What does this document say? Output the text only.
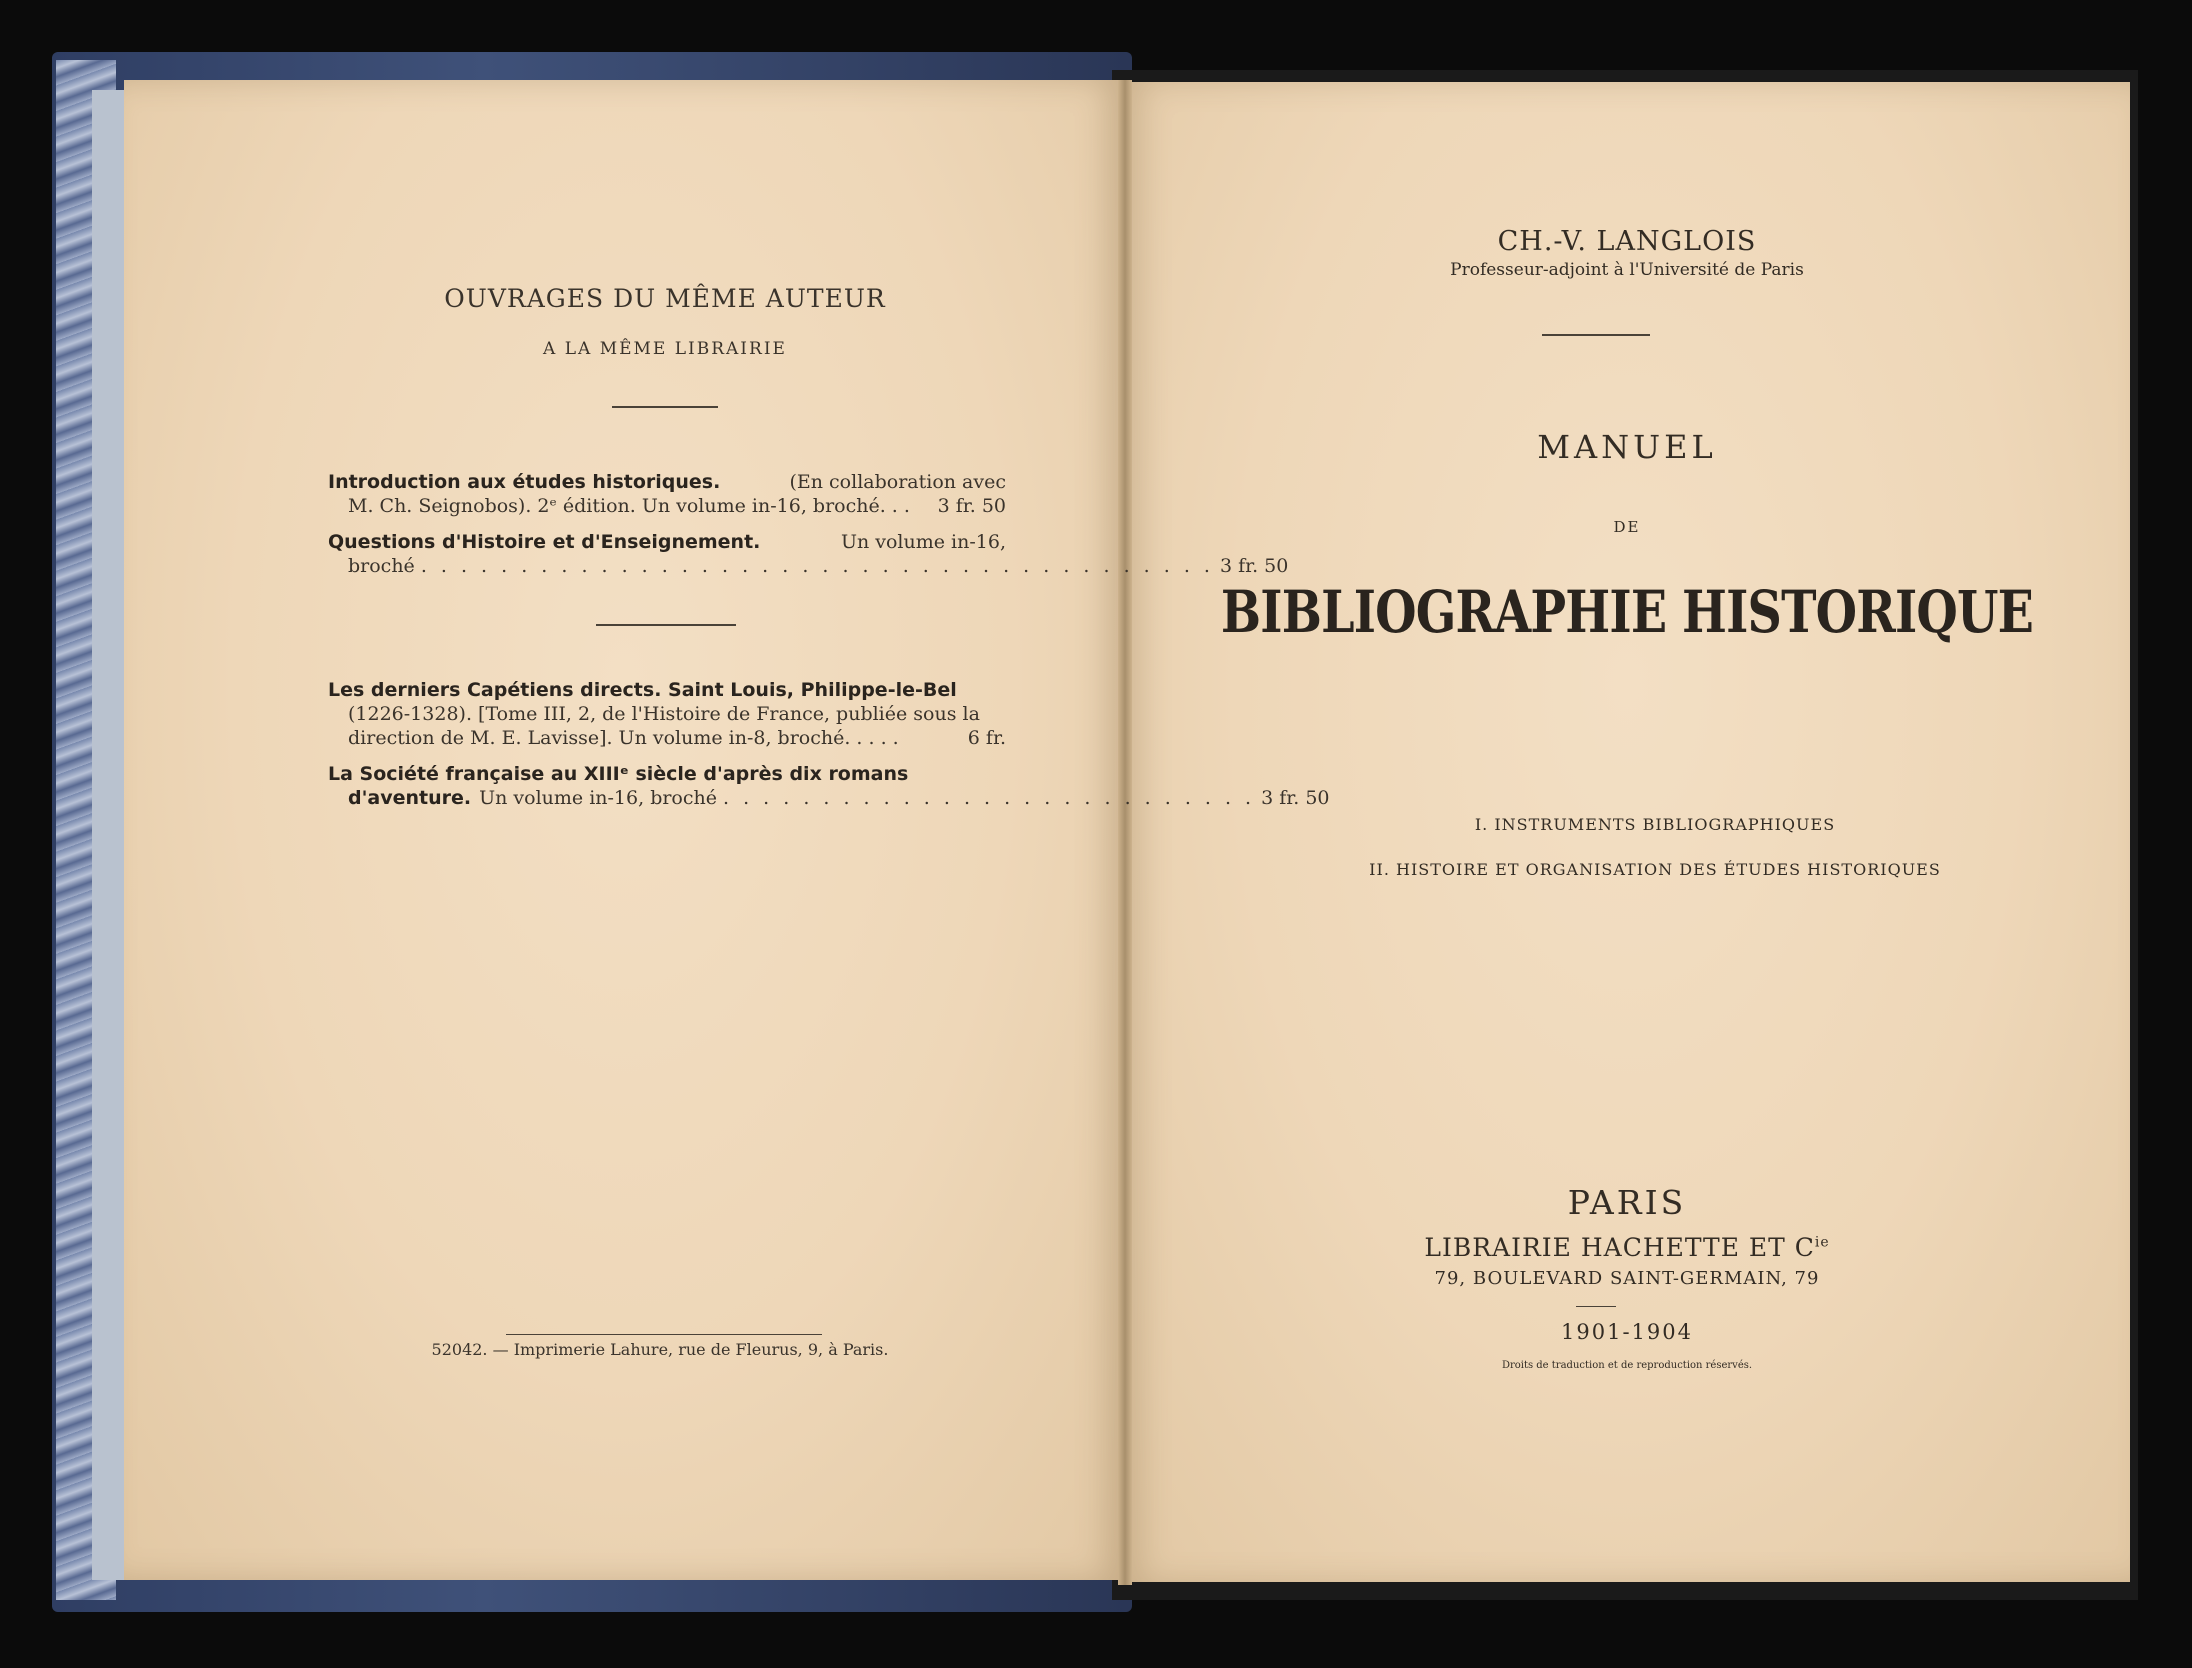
OUVRAGES DU MÊME AUTEUR
A LA MÊME LIBRAIRIE
Introduction aux études historiques.	(En collaboration avec
M. Ch. Seignobos). 2ᵉ édition. Un volume in-16, broché. . . 3 fr. 50
Questions d'Histoire et d'Enseignement.	Un volume in-16,
broché . . . . . . . . . . . . . . . . . . . . . . . . . . . . . . . . . . . . . . . . 3 fr. 50
Les derniers Capétiens directs. Saint Louis, Philippe-le-Bel
(1226-1328). [Tome III, 2, de l'Histoire de France, publiée sous la
direction de M. E. Lavisse]. Un volume in-8, broché. . . . .	6 fr.
La Société française au XIIIᵉ siècle d'après dix romans
d'aventure. Un volume in-16, broché . . . . . . . . . . . . . . . . . . . . . . . . . . . 3 fr. 50
52042. — Imprimerie Lahure, rue de Fleurus, 9, à Paris.
CH.-V. LANGLOIS
Professeur-adjoint à l'Université de Paris
MANUEL
DE
BIBLIOGRAPHIE HISTORIQUE
I. INSTRUMENTS BIBLIOGRAPHIQUES
II. HISTOIRE ET ORGANISATION DES ÉTUDES HISTORIQUES
PARIS
LIBRAIRIE HACHETTE ET $C^{ie}$
79, BOULEVARD SAINT-GERMAIN, 79
1901-1904
Droits de traduction et de reproduction réservés.
